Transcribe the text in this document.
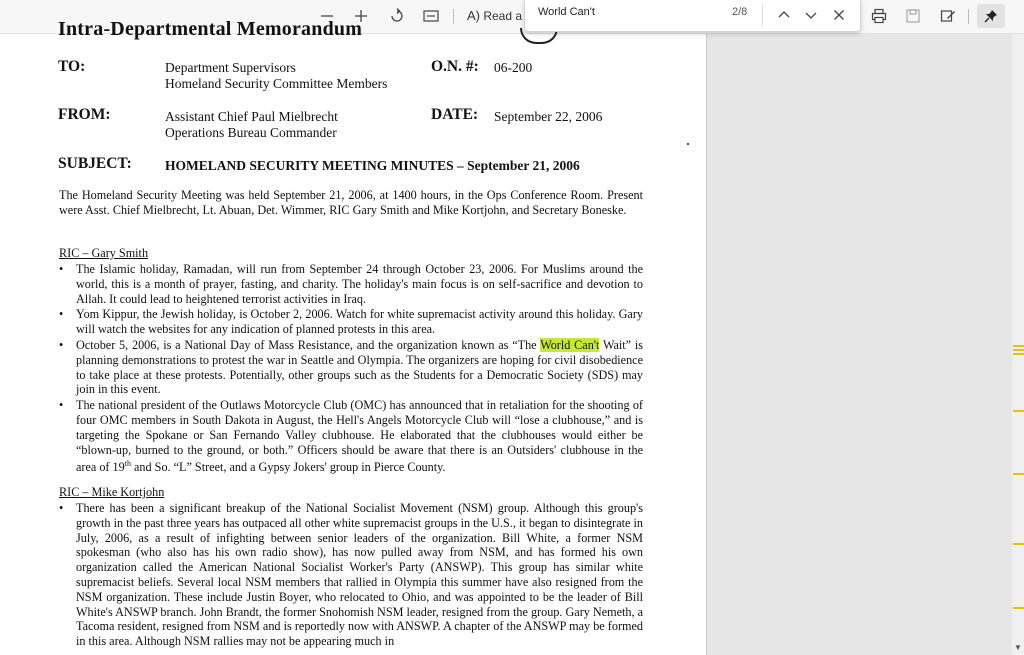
A) Read a
Intra-Departmental Memorandum
TO:	Department Supervisors
Homeland Security Committee Members
O.N. #: 06-200
FROM:	Assistant Chief Paul Mielbrecht
Operations Bureau Commander
DATE: September 22, 2006
SUBJECT: HOMELAND SECURITY MEETING MINUTES – September 21, 2006
The Homeland Security Meeting was held September 21, 2006, at 1400 hours, in the Ops Conference Room. Present were Asst. Chief Mielbrecht, Lt. Abuan, Det. Wimmer, RIC Gary Smith and Mike Kortjohn, and Secretary Boneske.
RIC – Gary Smith
• The Islamic holiday, Ramadan, will run from September 24 through October 23, 2006. For Muslims around the world, this is a month of prayer, fasting, and charity. The holiday's main focus is on self-sacrifice and devotion to Allah. It could lead to heightened terrorist activities in Iraq.
• Yom Kippur, the Jewish holiday, is October 2, 2006. Watch for white supremacist activity around this holiday. Gary will watch the websites for any indication of planned protests in this area.
• October 5, 2006, is a National Day of Mass Resistance, and the organization known as “The World Can't Wait” is planning demonstrations to protest the war in Seattle and Olympia. The organizers are hoping for civil disobedience to take place at these protests. Potentially, other groups such as the Students for a Democratic Society (SDS) may join in this event.
• The national president of the Outlaws Motorcycle Club (OMC) has announced that in retaliation for the shooting of four OMC members in South Dakota in August, the Hell's Angels Motorcycle Club will “lose a clubhouse,” and is targeting the Spokane or San Fernando Valley clubhouse. He elaborated that the clubhouses would either be “blown-up, burned to the ground, or both.” Officers should be aware that there is an Outsiders' clubhouse in the area of 19th and So. “L” Street, and a Gypsy Jokers' group in Pierce County.
RIC – Mike Kortjohn
• There has been a significant breakup of the National Socialist Movement (NSM) group. Although this group's growth in the past three years has outpaced all other white supremacist groups in the U.S., it began to disintegrate in July, 2006, as a result of infighting between senior leaders of the organization. Bill White, a former NSM spokesman (who also has his own radio show), has now pulled away from NSM, and has formed his own organization called the American National Socialist Worker's Party (ANSWP). This group has similar white supremacist beliefs. Several local NSM members that rallied in Olympia this summer have also resigned from the NSM organization. These include Justin Boyer, who relocated to Ohio, and was appointed to be the leader of Bill White's ANSWP branch. John Brandt, the former Snohomish NSM leader, resigned from the group. Gary Nemeth, a Tacoma resident, resigned from NSM and is reportedly now with ANSWP. A chapter of the ANSWP may be formed in this area. Although NSM rallies may not be appearing much in
World Can't	2/8
▼
